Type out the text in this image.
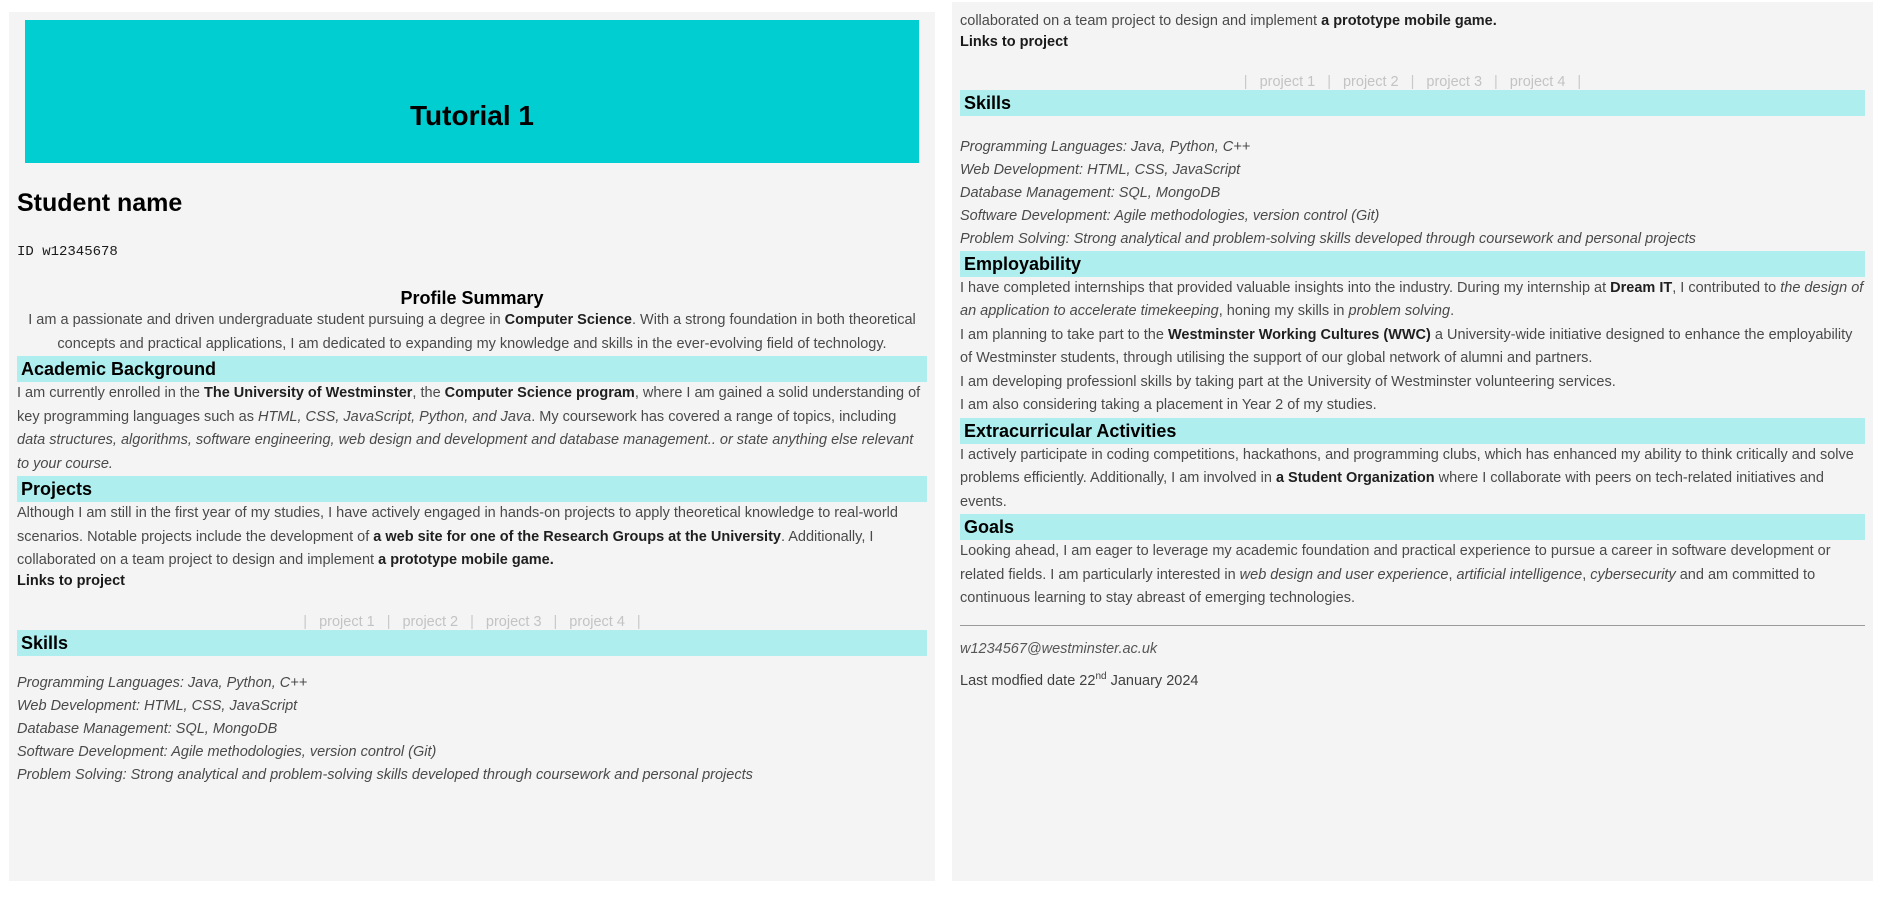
Tutorial 1
Student name

ID w12345678

Profile Summary

I am a passionate and driven undergraduate student pursuing a degree in Computer Science. With a strong foundation in both theoretical concepts and practical applications, I am dedicated to expanding my knowledge and skills in the ever-evolving field of technology.

Academic Background

I am currently enrolled in the The University of Westminster, the Computer Science program, where I am gained a solid understanding of key programming languages such as HTML, CSS, JavaScript, Python, and Java. My coursework has covered a range of topics, including data structures, algorithms, software engineering, web design and development and database management.. or state anything else relevant to your course.

Projects

Although I am still in the first year of my studies, I have actively engaged in hands-on projects to apply theoretical knowledge to real-world scenarios. Notable projects include the development of a web site for one of the Research Groups at the University. Additionally, I collaborated on a team project to design and implement a prototype mobile game.

Links to project

| project 1 | project 2 | project 3 | project 4 |
Skills
Programming Languages: Java, Python, C++
Web Development: HTML, CSS, JavaScript
Database Management: SQL, MongoDB
Software Development: Agile methodologies, version control (Git)
Problem Solving: Strong analytical and problem-solving skills developed through coursework and personal projects

collaborated on a team project to design and implement a prototype mobile game.

Links to project

| project 1 | project 2 | project 3 | project 4 |
Skills
Programming Languages: Java, Python, C++
Web Development: HTML, CSS, JavaScript
Database Management: SQL, MongoDB
Software Development: Agile methodologies, version control (Git)
Problem Solving: Strong analytical and problem-solving skills developed through coursework and personal projects
Employability

I have completed internships that provided valuable insights into the industry. During my internship at Dream IT, I contributed to the design of an application to accelerate timekeeping, honing my skills in problem solving.

I am planning to take part to the Westminster Working Cultures (WWC) a University-wide initiative designed to enhance the employability of Westminster students, through utilising the support of our global network of alumni and partners.

I am developing professionl skills by taking part at the University of Westminster volunteering services.

I am also considering taking a placement in Year 2 of my studies.

Extracurricular Activities

I actively participate in coding competitions, hackathons, and programming clubs, which has enhanced my ability to think critically and solve problems efficiently. Additionally, I am involved in a Student Organization where I collaborate with peers on tech-related initiatives and events.

Goals

Looking ahead, I am eager to leverage my academic foundation and practical experience to pursue a career in software development or related fields. I am particularly interested in web design and user experience, artificial intelligence, cybersecurity and am committed to continuous learning to stay abreast of emerging technologies.

w1234567@westminster.ac.uk

Last modfied date 22nd January 2024
